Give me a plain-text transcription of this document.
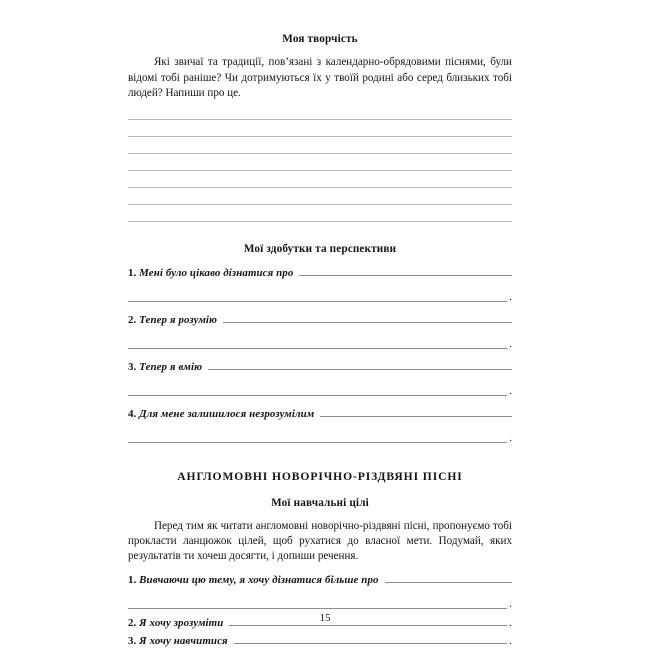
Моя творчість

Які звичаї та традиції, пов’язані з календарно-обрядовими піснями, були відомі тобі раніше? Чи дотримуються їх у твоїй родині або серед близьких тобі людей? Напиши про це.

Мої здобутки та перспективи
1. Мені було цікаво дізнатися про
.
2. Тепер я розумію
.
3. Тепер я вмію
.
4. Для мене залишилося незрозумілим
.
АНГЛОМОВНІ НОВОРІЧНО-РІЗДВЯНІ ПІСНІ
Мої навчальні цілі

Перед тим як читати англомовні новорічно-різдвяні пісні, пропонуємо тобі прокласти ланцюжок цілей, щоб рухатися до власної мети. Подумай, яких результатів ти хочеш досягти, і допиши речення.

1. Вивчаючи цю тему, я хочу дізнатися більше про
.
2. Я хочу зрозуміти	.
3. Я хочу навчитися	.
15
